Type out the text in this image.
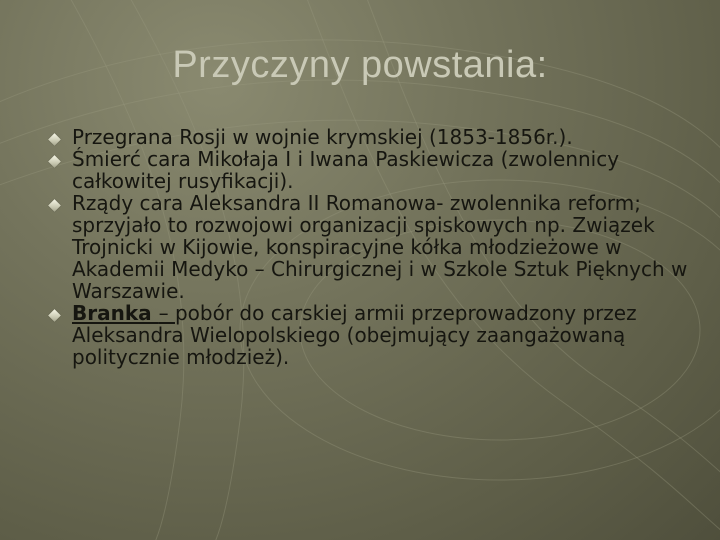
Przyczyny powstania:
Przegrana Rosji w wojnie krymskiej (1853-1856r.).
Śmierć cara Mikołaja I i Iwana Paskiewicza (zwolennicy całkowitej rusyfikacji).
Rządy cara Aleksandra II Romanowa- zwolennika reform; sprzyjało to rozwojowi organizacji spiskowych np. Związek Trojnicki w Kijowie, konspiracyjne kółka młodzieżowe w Akademii Medyko – Chirurgicznej i w Szkole Sztuk Pięknych w Warszawie.
Branka – pobór do carskiej armii przeprowadzony przez Aleksandra Wielopolskiego (obejmujący zaangażowaną politycznie młodzież).
